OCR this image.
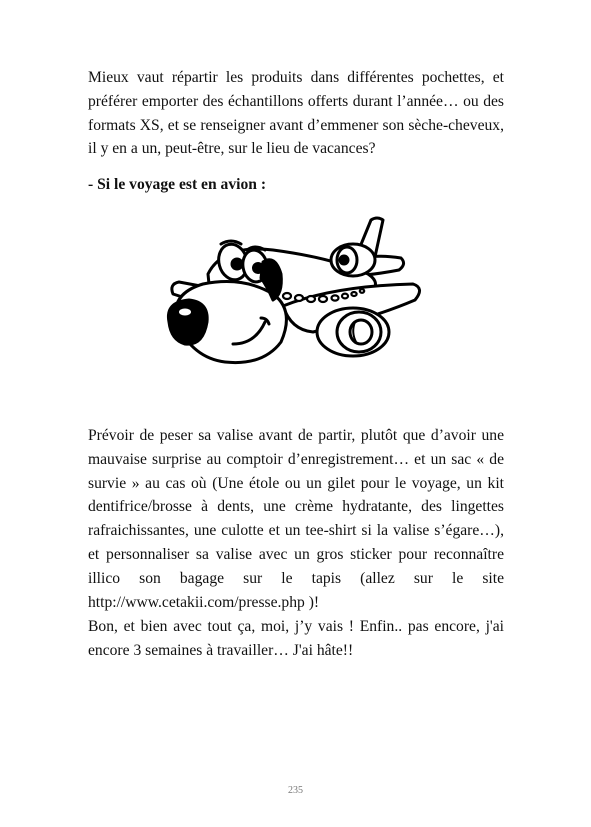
Mieux vaut répartir les produits dans différentes pochettes, et préférer emporter des échantillons offerts durant l’année… ou des formats XS, et se renseigner avant d’emmener son sèche-cheveux, il y en a un, peut-être, sur le lieu de vacances?

- Si le voyage est en avion :

Prévoir de peser sa valise avant de partir, plutôt que d’avoir une mauvaise surprise au comptoir d’enregistrement… et un sac « de survie » au cas où (Une étole ou un gilet pour le voyage, un kit dentifrice/brosse à dents, une crème hydratante, des lingettes rafraichissantes, une culotte et un tee-shirt si la valise s’égare…), et personnaliser sa valise avec un gros sticker pour reconnaître illico son bagage sur le tapis (allez sur le site http://www.cetakii.com/presse.php )!

Bon, et bien avec tout ça, moi, j’y vais ! Enfin.. pas encore, j'ai encore 3 semaines à travailler… J'ai hâte!!

235
